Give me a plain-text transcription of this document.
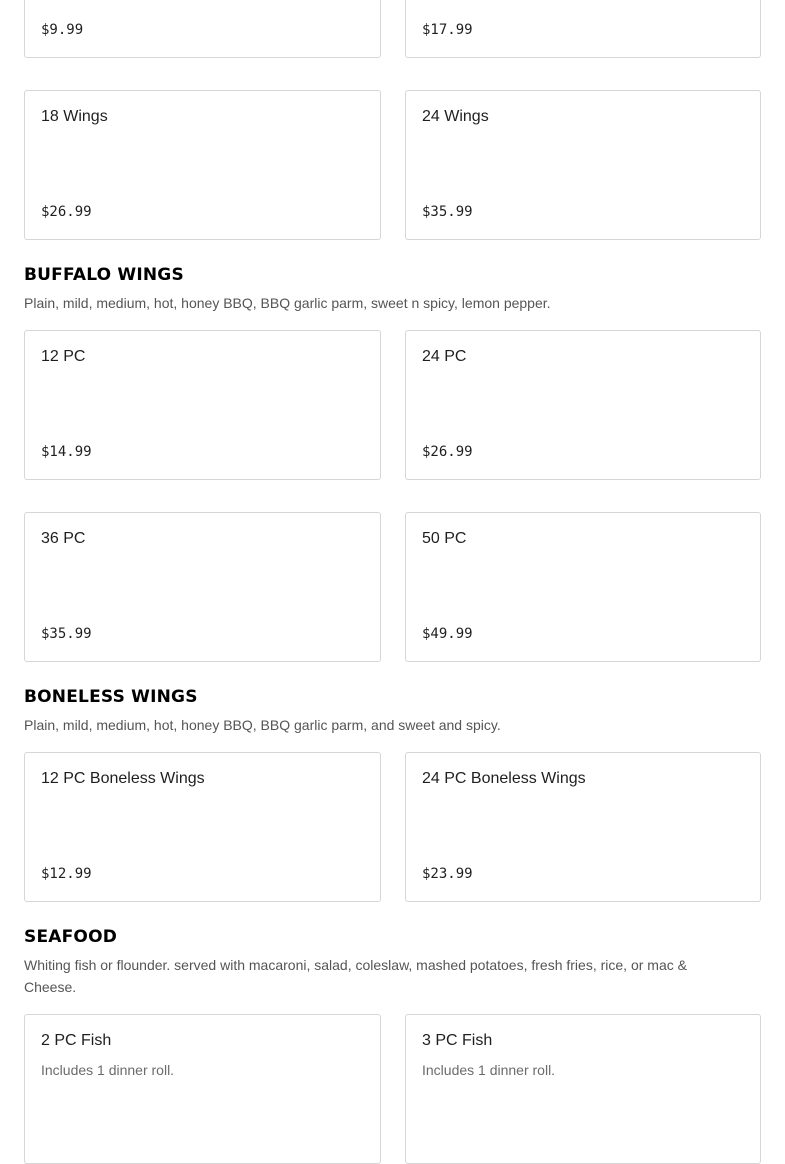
$9.99	$17.99
18 Wings
$26.99
24 Wings
$35.99
BUFFALO WINGS

Plain, mild, medium, hot, honey BBQ, BBQ garlic parm, sweet n spicy, lemon pepper.

12 PC
$14.99
24 PC
$26.99
36 PC
$35.99
50 PC
$49.99
BONELESS WINGS

Plain, mild, medium, hot, honey BBQ, BBQ garlic parm, and sweet and spicy.

12 PC Boneless Wings
$12.99
24 PC Boneless Wings
$23.99
SEAFOOD

Whiting fish or flounder. served with macaroni, salad, coleslaw, mashed potatoes, fresh fries, rice, or mac & Cheese.

2 PC Fish
Includes 1 dinner roll.
3 PC Fish
Includes 1 dinner roll.
